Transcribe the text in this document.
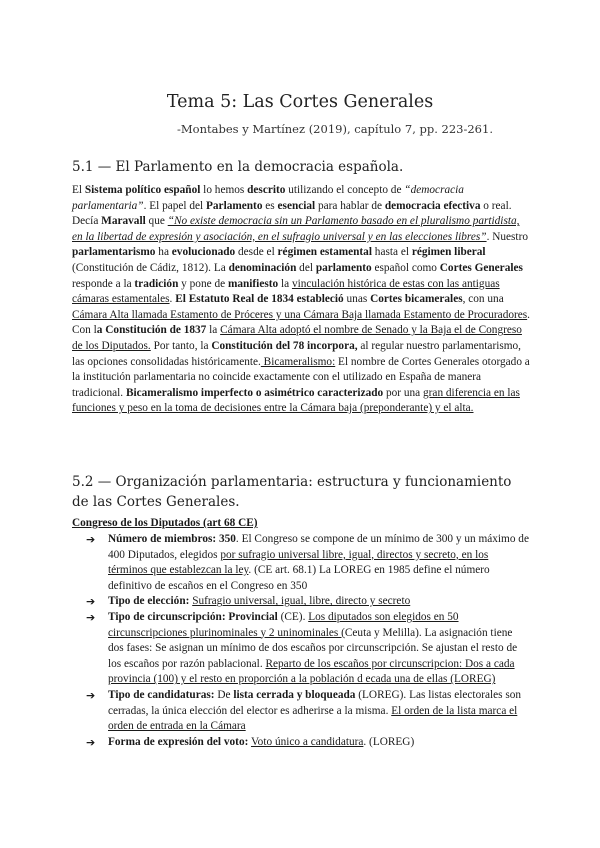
Tema 5: Las Cortes Generales
-Montabes y Martínez (2019), capítulo 7, pp. 223-261.
5.1 — El Parlamento en la democracia española.

El Sistema político español lo hemos descrito utilizando el concepto de “democracia parlamentaria”. El papel del Parlamento es esencial para hablar de democracia efectiva o real. Decía Maravall que “No existe democracia sin un Parlamento basado en el pluralismo partidista, en la libertad de expresión y asociación, en el sufragio universal y en las elecciones libres”. Nuestro parlamentarismo ha evolucionado desde el régimen estamental hasta el régimen liberal (Constitución de Cádiz, 1812). La denominación del parlamento español como Cortes Generales responde a la tradición y pone de manifiesto la vinculación histórica de estas con las antiguas cámaras estamentales. El Estatuto Real de 1834 estableció unas Cortes bicamerales, con una Cámara Alta llamada Estamento de Próceres y una Cámara Baja llamada Estamento de Procuradores. Con la Constitución de 1837 la Cámara Alta adoptó el nombre de Senado y la Baja el de Congreso de los Diputados. Por tanto, la Constitución del 78 incorpora, al regular nuestro parlamentarismo, las opciones consolidadas históricamente. Bicameralismo: El nombre de Cortes Generales otorgado a la institución parlamentaria no coincide exactamente con el utilizado en España de manera tradicional. Bicameralismo imperfecto o asimétrico caracterizado por una gran diferencia en las funciones y peso en la toma de decisiones entre la Cámara baja (preponderante) y el alta.

5.2 — Organización parlamentaria: estructura y funcionamiento de las Cortes Generales.
Congreso de los Diputados (art 68 CE)
➔ Número de miembros: 350. El Congreso se compone de un mínimo de 300 y un máximo de 400 Diputados, elegidos por sufragio universal libre, igual, directos y secreto, en los términos que establezcan la ley. (CE art. 68.1) La LOREG en 1985 define el número definitivo de escaños en el Congreso en 350
➔ Tipo de elección: Sufragio universal, igual, libre, directo y secreto
➔ Tipo de circunscripción: Provincial (CE). Los diputados son elegidos en 50 circunscripciones plurinominales y 2 uninominales (Ceuta y Melilla). La asignación tiene dos fases: Se asignan un mínimo de dos escaños por circunscripción. Se ajustan el resto de los escaños por razón pablacional. Reparto de los escaños por circunscripcion: Dos a cada provincia (100) y el resto en proporción a la población d ecada una de ellas (LOREG)
➔ Tipo de candidaturas: De lista cerrada y bloqueada (LOREG). Las listas electorales son cerradas, la única elección del elector es adherirse a la misma. El orden de la lista marca el orden de entrada en la Cámara
➔ Forma de expresión del voto: Voto único a candidatura. (LOREG)
